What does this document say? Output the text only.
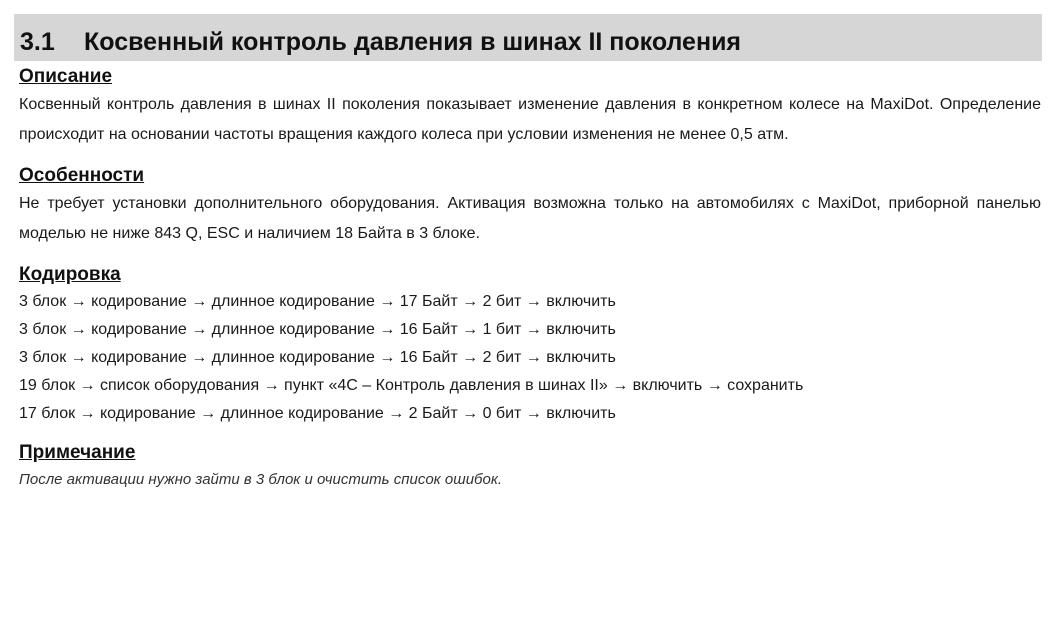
3.1 Косвенный контроль давления в шинах II поколения

Описание

Косвенный контроль давления в шинах II поколения показывает изменение давления в конкретном колесе на MaxiDot. Определение происходит на основании частоты вращения каждого колеса при условии изменения не менее 0,5 атм.

Особенности

Не требует установки дополнительного оборудования. Активация возможна только на автомобилях с MaxiDot, приборной панелью моделью не ниже 843 Q, ESC и наличием 18 Байта в 3 блоке.

Кодировка

3 блок → кодирование → длинное кодирование → 17 Байт → 2 бит → включить

3 блок → кодирование → длинное кодирование → 16 Байт → 1 бит → включить

3 блок → кодирование → длинное кодирование → 16 Байт → 2 бит → включить

19 блок → список оборудования → пункт «4C – Контроль давления в шинах II» → включить → сохранить

17 блок → кодирование → длинное кодирование → 2 Байт → 0 бит → включить

Примечание

После активации нужно зайти в 3 блок и очистить список ошибок.
